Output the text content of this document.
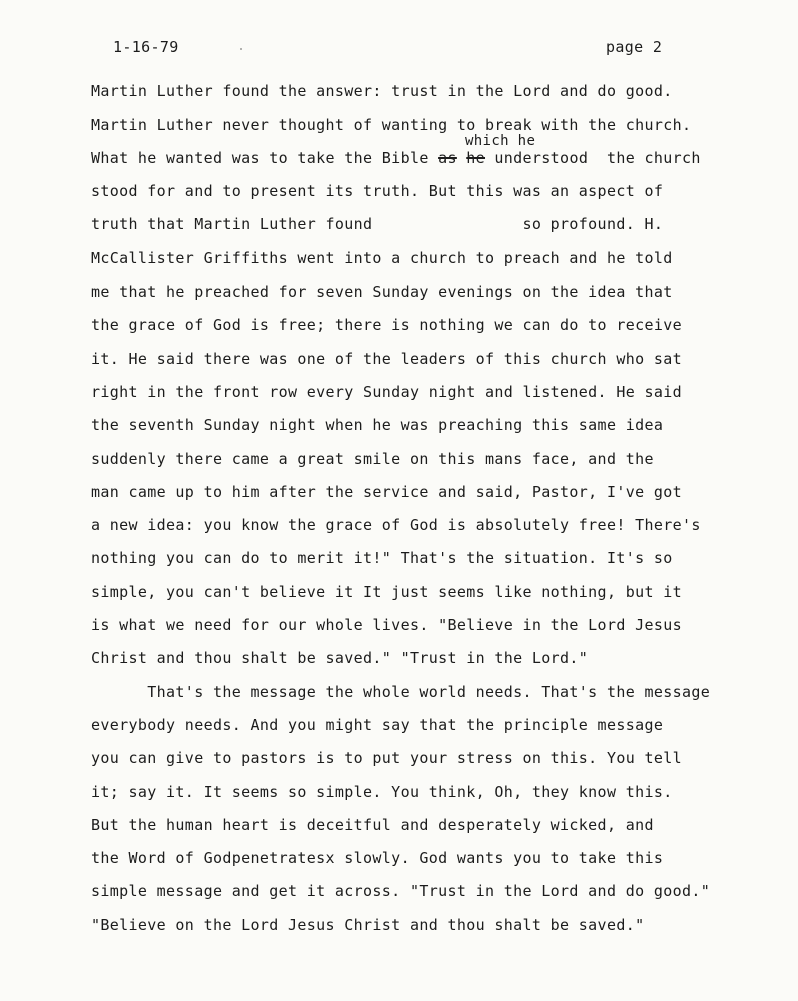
1-16-79	page 2
which he
Martin Luther found the answer: trust in the Lord and do good.
Martin Luther never thought of wanting to break with the church.
What he wanted was to take the Bible as he understood  the church
stood for and to present its truth. But this was an aspect of
truth that Martin Luther found                so profound. H.
McCallister Griffiths went into a church to preach and he told
me that he preached for seven Sunday evenings on the idea that
the grace of God is free; there is nothing we can do to receive
it. He said there was one of the leaders of this church who sat
right in the front row every Sunday night and listened. He said
the seventh Sunday night when he was preaching this same idea
suddenly there came a great smile on this mans face, and the
man came up to him after the service and said, Pastor, I've got
a new idea: you know the grace of God is absolutely free! There's
nothing you can do to merit it!" That's the situation. It's so
simple, you can't believe it It just seems like nothing, but it
is what we need for our whole lives. "Believe in the Lord Jesus
Christ and thou shalt be saved." "Trust in the Lord."
That's the message the whole world needs. That's the message
everybody needs. And you might say that the principle message
you can give to pastors is to put your stress on this. You tell
it; say it. It seems so simple. You think, Oh, they know this.
But the human heart is deceitful and desperately wicked, and
the Word of Godpenetratesx slowly. God wants you to take this
simple message and get it across. "Trust in the Lord and do good."
"Believe on the Lord Jesus Christ and thou shalt be saved."
